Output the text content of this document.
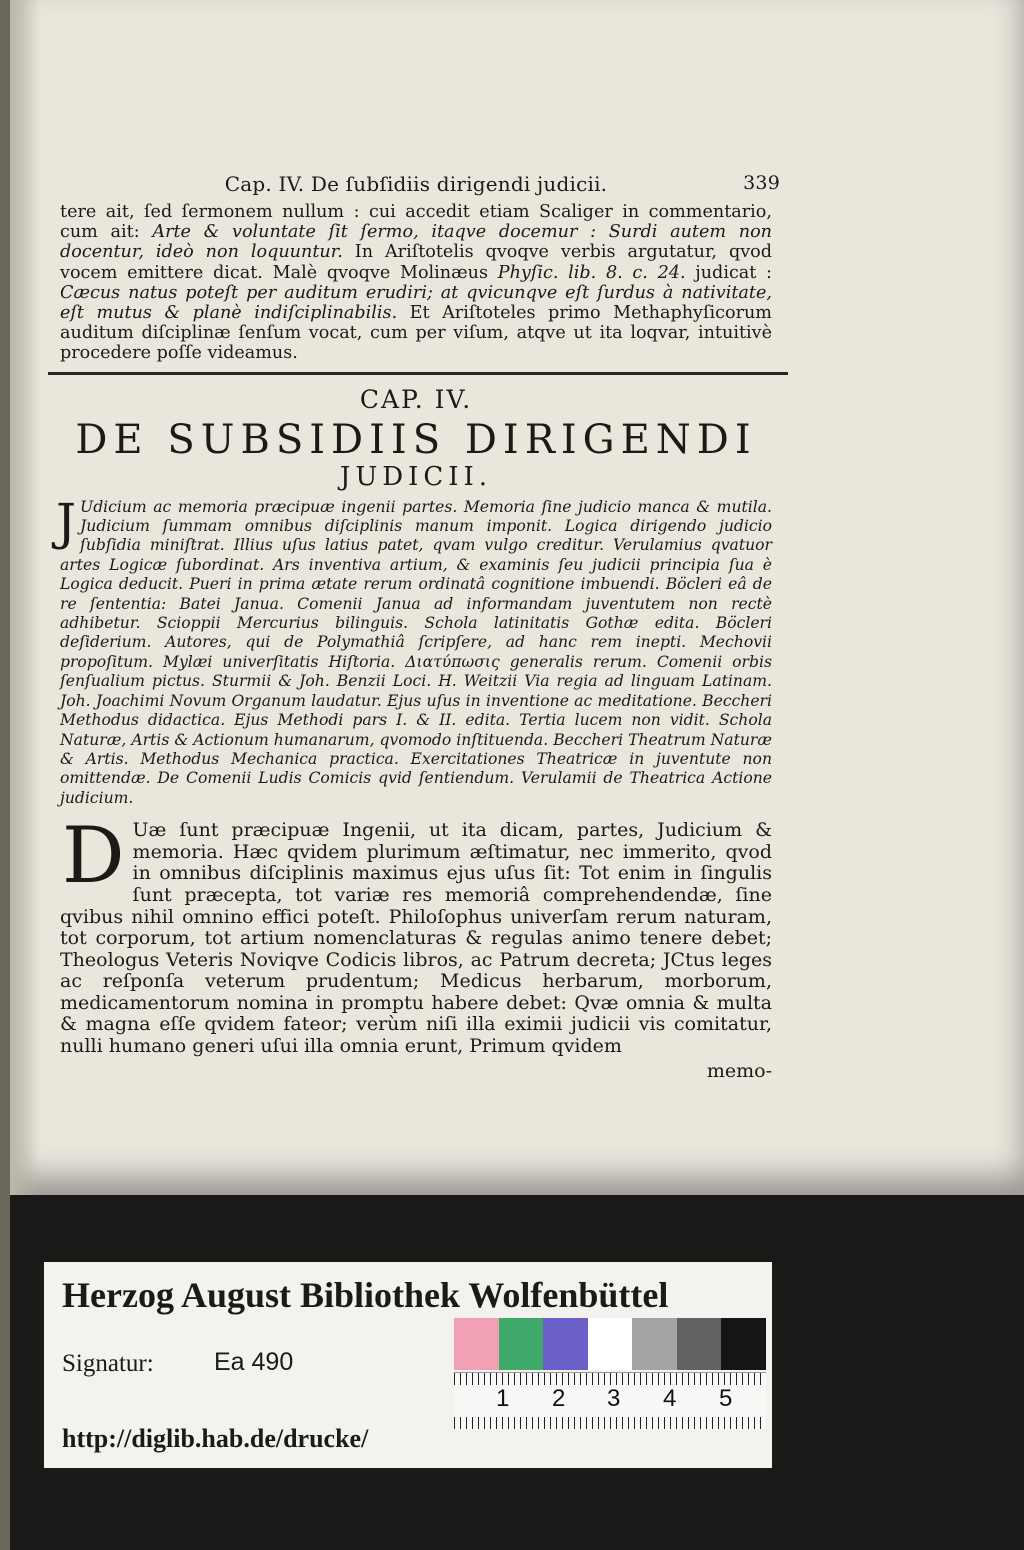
Cap. IV. De ſubſidiis dirigendi judicii.	339

tere ait, ſed ſermonem nullum : cui accedit etiam Scaliger in commentario, cum ait: Arte & voluntate ſit ſermo, itaqve docemur : Surdi autem non docentur, ideò non loquuntur. In Ariſtotelis qvoqve verbis argutatur, qvod vocem emittere dicat. Malè qvoqve Molinæus Phyſic. lib. 8. c. 24. judicat : Cæcus natus poteſt per auditum erudiri; at qvicunqve eſt ſurdus à nativitate, eſt mutus & planè indiſciplinabilis. Et Ariſtoteles primo Methaphyſicorum auditum diſciplinæ ſenſum vocat, cum per viſum, atqve ut ita loqvar, intuitivè procedere poſſe videamus.

CAP. IV.
DE SUBSIDIIS DIRIGENDI
JUDICII.
J Udicium ac memoria præcipuæ ingenii partes. Memoria ſine judicio manca & mutila. Judicium ſummam omnibus diſciplinis manum imponit. Logica dirigendo judicio ſubſidia miniſtrat. Illius uſus latius patet, qvam vulgo creditur. Verulamius qvatuor artes Logicæ ſubordinat. Ars inventiva artium, & examinis ſeu judicii principia ſua è Logica deducit. Pueri in prima ætate rerum ordinatâ cognitione imbuendi. Böcleri eâ de re ſententia: Batei Janua. Comenii Janua ad informandam juventutem non rectè adhibetur. Scioppii Mercurius bilinguis. Schola latinitatis Gothæ edita. Böcleri deſiderium. Autores, qui de Polymathiâ ſcripſere, ad hanc rem inepti. Mechovii propoſitum. Mylæi univerſitatis Hiſtoria. Διατύπωσις generalis rerum. Comenii orbis ſenſualium pictus. Sturmii & Joh. Benzii Loci. H. Weitzii Via regia ad linguam Latinam. Joh. Joachimi Novum Organum laudatur. Ejus uſus in inventione ac meditatione. Beccheri Methodus didactica. Ejus Methodi pars I. & II. edita. Tertia lucem non vidit. Schola Naturæ, Artis & Actionum humanarum, qvomodo inſtituenda. Beccheri Theatrum Naturæ & Artis. Methodus Mechanica practica. Exercitationes Theatricæ in juventute non omittendæ. De Comenii Ludis Comicis qvid ſentiendum. Verulamii de Theatrica Actione judicium.
D Uæ ſunt præcipuæ Ingenii, ut ita dicam, partes, Judicium & memoria. Hæc qvidem plurimum æſtimatur, nec immerito, qvod in omnibus diſciplinis maximus ejus uſus ſit: Tot enim in ſingulis ſunt præcepta, tot variæ res memoriâ comprehendendæ, ſine qvibus nihil omnino effici poteſt. Philoſophus univerſam rerum naturam, tot corporum, tot artium nomenclaturas & regulas animo tenere debet; Theologus Veteris Noviqve Codicis libros, ac Patrum decreta; JCtus leges ac reſponſa veterum prudentum; Medicus herbarum, morborum, medicamentorum nomina in promptu habere debet: Qvæ omnia & multa & magna eſſe qvidem fateor; verùm niſi illa eximii judicii vis comitatur, nulli humano generi uſui illa omnia erunt, Primum qvidem
memo-
Herzog August Bibliothek Wolfenbüttel
Signatur: Ea 490
http://diglib.hab.de/drucke/
1 2 3 4 5
